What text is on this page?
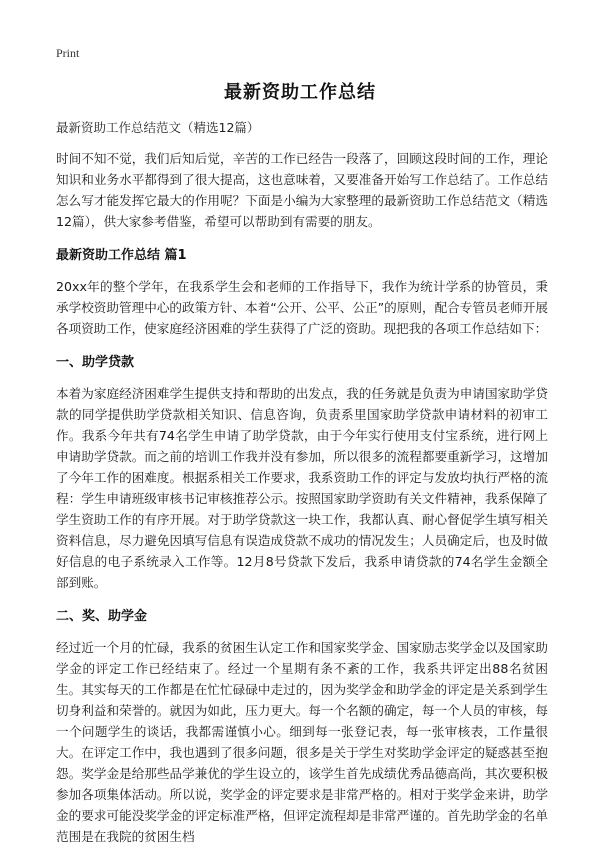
Print
最新资助工作总结
最新资助工作总结范文（精选12篇）

时间不知不觉，我们后知后觉，辛苦的工作已经告一段落了，回顾这段时间的工作，理论知识和业务水平都得到了很大提高，这也意味着，又要准备开始写工作总结了。工作总结怎么写才能发挥它最大的作用呢？下面是小编为大家整理的最新资助工作总结范文（精选12篇），供大家参考借鉴，希望可以帮助到有需要的朋友。

最新资助工作总结 篇1

20xx年的整个学年，在我系学生会和老师的工作指导下，我作为统计学系的协管员，秉承学校资助管理中心的政策方针、本着“公开、公平、公正”的原则，配合专管员老师开展各项资助工作，使家庭经济困难的学生获得了广泛的资助。现把我的各项工作总结如下：

一、助学贷款

本着为家庭经济困难学生提供支持和帮助的出发点，我的任务就是负责为申请国家助学贷款的同学提供助学贷款相关知识、信息咨询，负责系里国家助学贷款申请材料的初审工作。我系今年共有74名学生申请了助学贷款，由于今年实行使用支付宝系统，进行网上申请助学贷款。而之前的培训工作我并没有参加，所以很多的流程都要重新学习，这增加了今年工作的困难度。根据系相关工作要求，我系资助工作的评定与发放均执行严格的流程：学生申请班级审核书记审核推荐公示。按照国家助学资助有关文件精神，我系保障了学生资助工作的有序开展。对于助学贷款这一块工作，我都认真、耐心督促学生填写相关资料信息，尽力避免因填写信息有误造成贷款不成功的情况发生；人员确定后，也及时做好信息的电子系统录入工作等。12月8号贷款下发后，我系申请贷款的74名学生金额全部到账。

二、奖、助学金

经过近一个月的忙碌，我系的贫困生认定工作和国家奖学金、国家励志奖学金以及国家助学金的评定工作已经结束了。经过一个星期有条不紊的工作，我系共评定出88名贫困生。其实每天的工作都是在忙忙碌碌中走过的，因为奖学金和助学金的评定是关系到学生切身利益和荣誉的。就因为如此，压力更大。每一个名额的确定，每一个人员的审核，每一个问题学生的谈话，我都需谨慎小心。细到每一张登记表，每一张审核表，工作量很大。在评定工作中，我也遇到了很多问题，很多是关于学生对奖助学金评定的疑惑甚至抱怨。奖学金是给那些品学兼优的学生设立的，该学生首先成绩优秀品德高尚，其次要积极参加各项集体活动。所以说，奖学金的评定要求是非常严格的。相对于奖学金来讲，助学金的要求可能没奖学金的评定标准严格，但评定流程却是非常严谨的。首先助学金的名单范围是在我院的贫困生档
